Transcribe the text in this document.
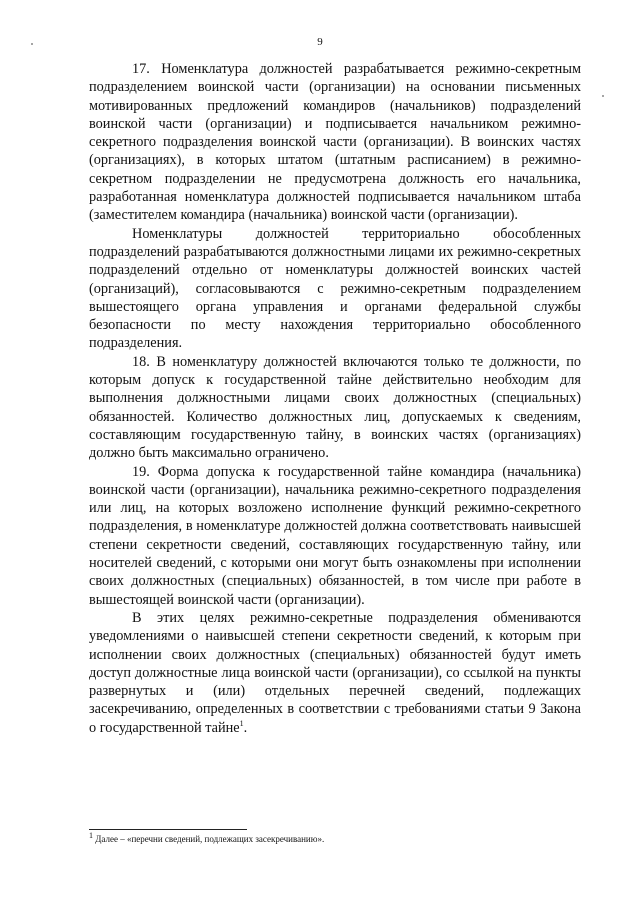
9

17. Номенклатура должностей разрабатывается режимно-секретным подразделением воинской части (организации) на основании письменных мотивированных предложений командиров (начальников) подразделений воинской части (организации) и подписывается начальником режимно-секретного подразделения воинской части (организации). В воинских частях (организациях), в которых штатом (штатным расписанием) в режимно-секретном подразделении не предусмотрена должность его начальника, разработанная номенклатура должностей подписывается начальником штаба (заместителем командира (начальника) воинской части (организации).

Номенклатуры должностей территориально обособленных подразделений разрабатываются должностными лицами их режимно-секретных подразделений отдельно от номенклатуры должностей воинских частей (организаций), согласовываются с режимно-секретным подразделением вышестоящего органа управления и органами федеральной службы безопасности по месту нахождения территориально обособленного подразделения.

18. В номенклатуру должностей включаются только те должности, по которым допуск к государственной тайне действительно необходим для выполнения должностными лицами своих должностных (специальных) обязанностей. Количество должностных лиц, допускаемых к сведениям, составляющим государственную тайну, в воинских частях (организациях) должно быть максимально ограничено.

19. Форма допуска к государственной тайне командира (начальника) воинской части (организации), начальника режимно-секретного подразделения или лиц, на которых возложено исполнение функций режимно-секретного подразделения, в номенклатуре должностей должна соответствовать наивысшей степени секретности сведений, составляющих государственную тайну, или носителей сведений, с которыми они могут быть ознакомлены при исполнении своих должностных (специальных) обязанностей, в том числе при работе в вышестоящей воинской части (организации).

В этих целях режимно-секретные подразделения обмениваются уведомлениями о наивысшей степени секретности сведений, к которым при исполнении своих должностных (специальных) обязанностей будут иметь доступ должностные лица воинской части (организации), со ссылкой на пункты развернутых и (или) отдельных перечней сведений, подлежащих засекречиванию, определенных в соответствии с требованиями статьи 9 Закона о государственной тайне$^1$.

$^1$ Далее – «перечни сведений, подлежащих засекречиванию».
